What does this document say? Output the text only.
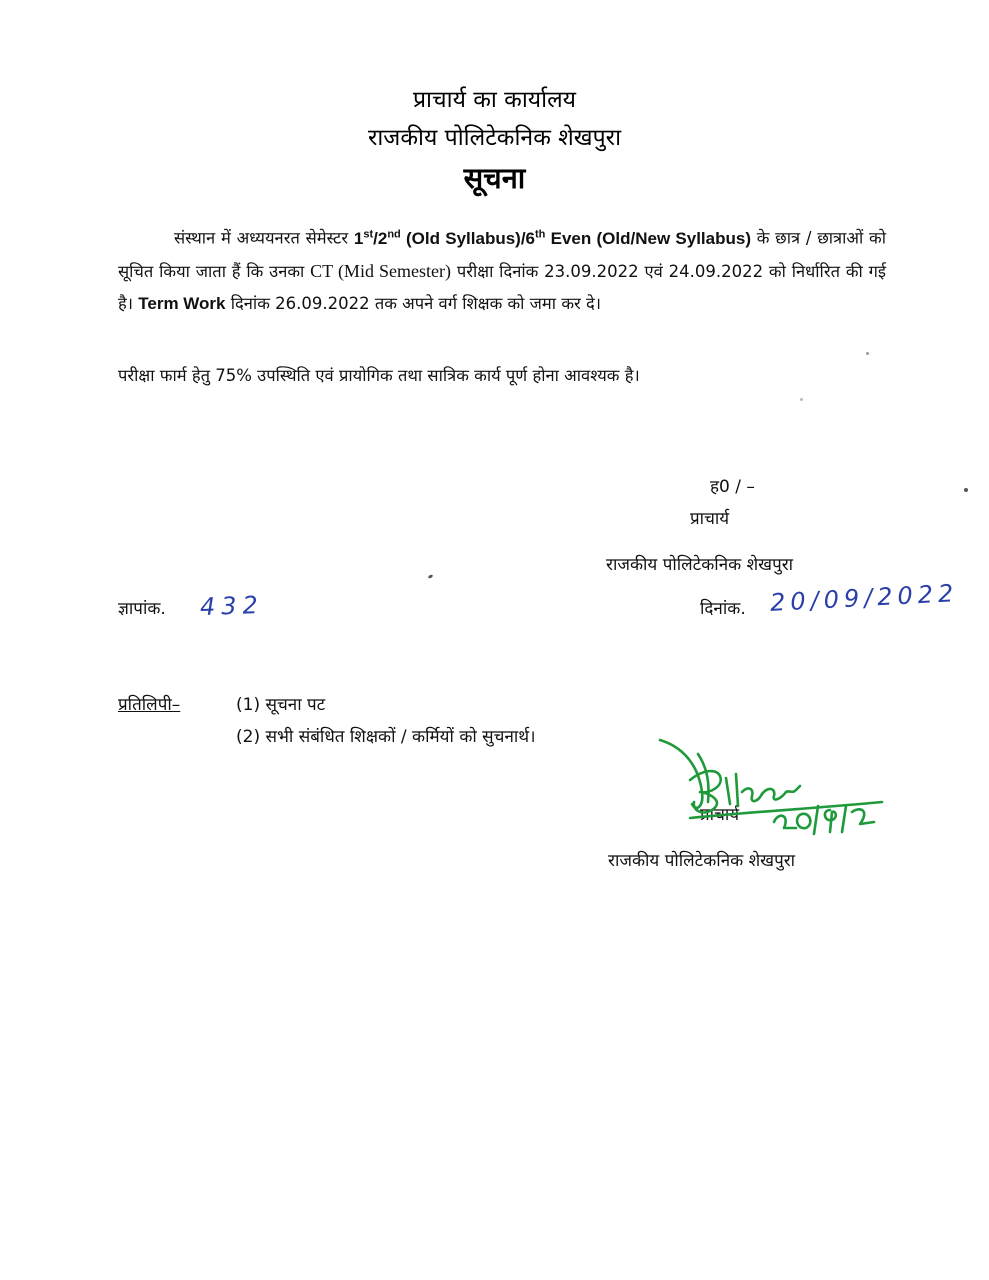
प्राचार्य का कार्यालय
राजकीय पोलिटेकनिक शेखपुरा
सूचना
संस्थान में अध्ययनरत सेमेस्टर 1st/2nd (Old Syllabus)/6th Even (Old/New Syllabus) के छात्र / छात्राओं को सूचित किया जाता हैं कि उनका CT (Mid Semester) परीक्षा दिनांक 23.09.2022 एवं 24.09.2022 को निर्धारित की गई है। Term Work दिनांक 26.09.2022 तक अपने वर्ग शिक्षक को जमा कर दे।
परीक्षा फार्म हेतु 75% उपस्थिति एवं प्रायोगिक तथा सात्रिक कार्य पूर्ण होना आवश्यक है।
ह0 / –
प्राचार्य
राजकीय पोलिटेकनिक शेखपुरा
ज्ञापांक. 432	दिनांक. 20/09/2022
प्रतिलिपी–	(1) सूचना पट
(2) सभी संबंधित शिक्षकों / कर्मियों को सुचनार्थ।
प्राचार्य
राजकीय पोलिटेकनिक शेखपुरा
